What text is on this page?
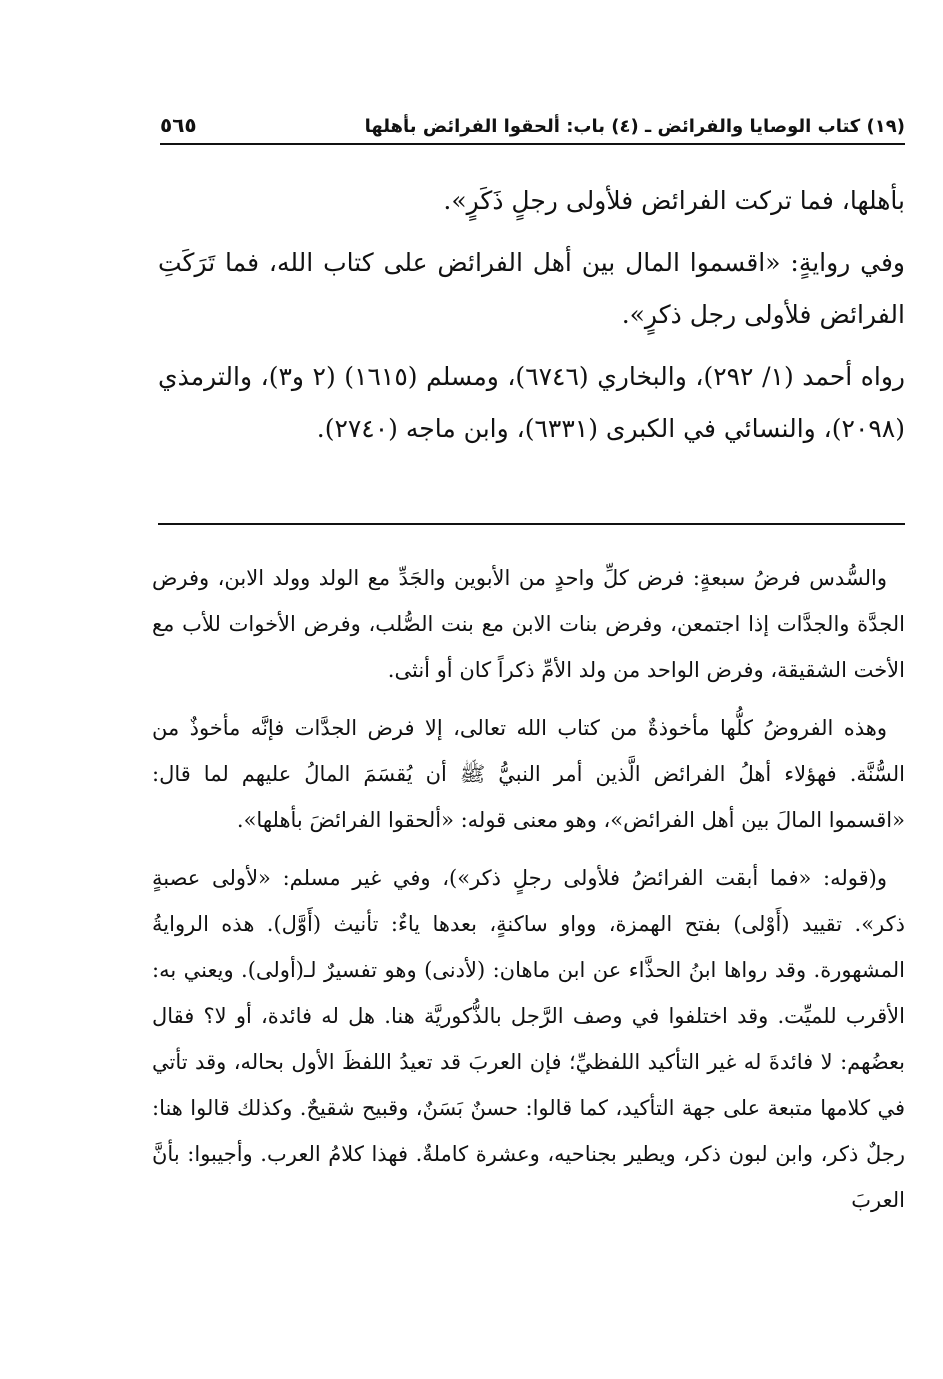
(١٩) كتاب الوصايا والفرائض ـ (٤) باب: ألحقوا الفرائض بأهلها
٥٦٥

بأهلها، فما تركت الفرائض فلأولى رجلٍ ذَكَرٍ».

وفي روايةٍ: «اقسموا المال بين أهل الفرائض على كتاب الله، فما تَرَكَتِ الفرائض فلأولى رجل ذكرٍ».

رواه أحمد (١/ ٢٩٢)، والبخاري (٦٧٤٦)، ومسلم (١٦١٥) (٢ و٣)، والترمذي (٢٠٩٨)، والنسائي في الكبرى (٦٣٣١)، وابن ماجه (٢٧٤٠).

والسُّدس فرضُ سبعةٍ: فرض كلِّ واحدٍ من الأبوين والجَدِّ مع الولد وولد الابن، وفرض الجدَّة والجدَّات إذا اجتمعن، وفرض بنات الابن مع بنت الصُّلب، وفرض الأخوات للأب مع الأخت الشقيقة، وفرض الواحد من ولد الأمِّ ذكراً كان أو أنثى.

وهذه الفروضُ كلُّها مأخوذةٌ من كتاب الله تعالى، إلا فرض الجدَّات فإنَّه مأخوذٌ من السُّنَّة. فهؤلاء أهلُ الفرائض الَّذين أمر النبيُّ ﷺ أن يُقسَمَ المالُ عليهم لما قال: «اقسموا المالَ بين أهل الفرائض»، وهو معنى قوله: «ألحقوا الفرائضَ بأهلها».

و(قوله: «فما أبقت الفرائضُ فلأولى رجلٍ ذكر»)، وفي غير مسلم: «لأولى عصبةٍ ذكر». تقييد (أَوْلى) بفتح الهمزة، وواو ساكنةٍ، بعدها ياءٌ: تأنيث (أَوَّل). هذه الروايةُ المشهورة. وقد رواها ابنُ الحذَّاء عن ابن ماهان: (لأدنى) وهو تفسيرٌ لـ(أولى). ويعني به: الأقرب للميِّت. وقد اختلفوا في وصف الرَّجل بالذُّكوريَّة هنا. هل له فائدة، أو لا؟ فقال بعضُهم: لا فائدةَ له غير التأكيد اللفظيِّ؛ فإن العربَ قد تعيدُ اللفظَ الأول بحاله، وقد تأتي في كلامها متبعة على جهة التأكيد، كما قالوا: حسنٌ بَسَنٌ، وقبيح شقيحٌ. وكذلك قالوا هنا: رجلٌ ذكر، وابن لبون ذكر، ويطير بجناحيه، وعشرة كاملةٌ. فهذا كلامُ العرب. وأجيبوا: بأنَّ العربَ
